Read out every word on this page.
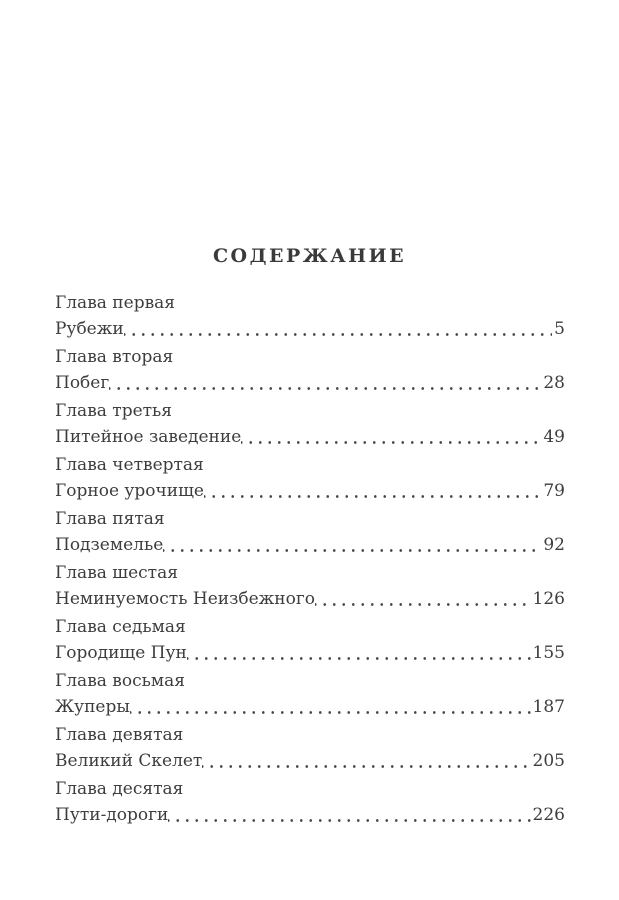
СОДЕРЖАНИЕ
Глава первая
Рубежи	5
Глава вторая
Побег	28
Глава третья
Питейное заведение	49
Глава четвертая
Горное урочище	79
Глава пятая
Подземелье	92
Глава шестая
Неминуемость Неизбежного	126
Глава седьмая
Городище Пун	155
Глава восьмая
Жуперы	187
Глава девятая
Великий Скелет	205
Глава десятая
Пути-дороги	226
